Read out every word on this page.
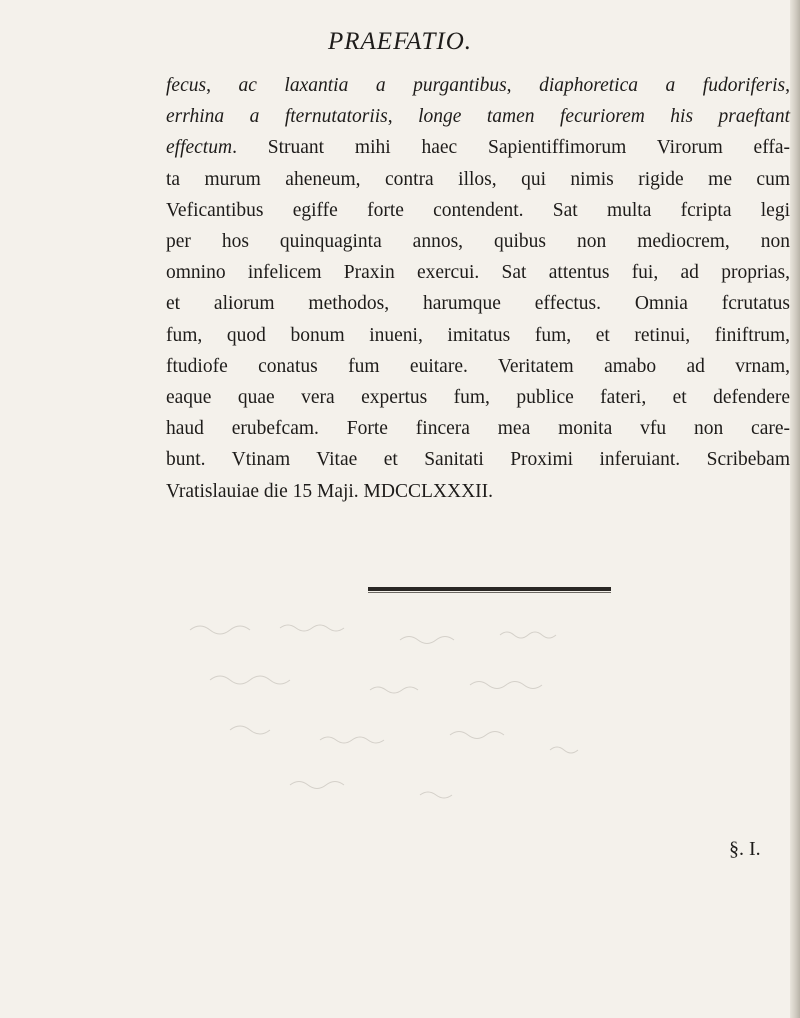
PRAEFATIO.
fecus, ac laxantia a purgantibus, diaphoretica a fudoriferis,
errhina a fternutatoriis, longe tamen fecuriorem his praeftant
effectum. Struant mihi haec Sapientiffimorum Virorum effa-
ta murum aheneum, contra illos, qui nimis rigide me cum
Veficantibus egiffe forte contendent. Sat multa fcripta legi
per hos quinquaginta annos, quibus non mediocrem, non
omnino infelicem Praxin exercui. Sat attentus fui, ad proprias,
et aliorum methodos, harumque effectus. Omnia fcrutatus
fum, quod bonum inueni, imitatus fum, et retinui, finiftrum,
ftudiofe conatus fum euitare. Veritatem amabo ad vrnam,
eaque quae vera expertus fum, publice fateri, et defendere
haud erubefcam. Forte fincera mea monita vfu non care-
bunt. Vtinam Vitae et Sanitati Proximi inferuiant. Scribebam
Vratislauiae die 15 Maji. MDCCLXXXII.
§. I.
